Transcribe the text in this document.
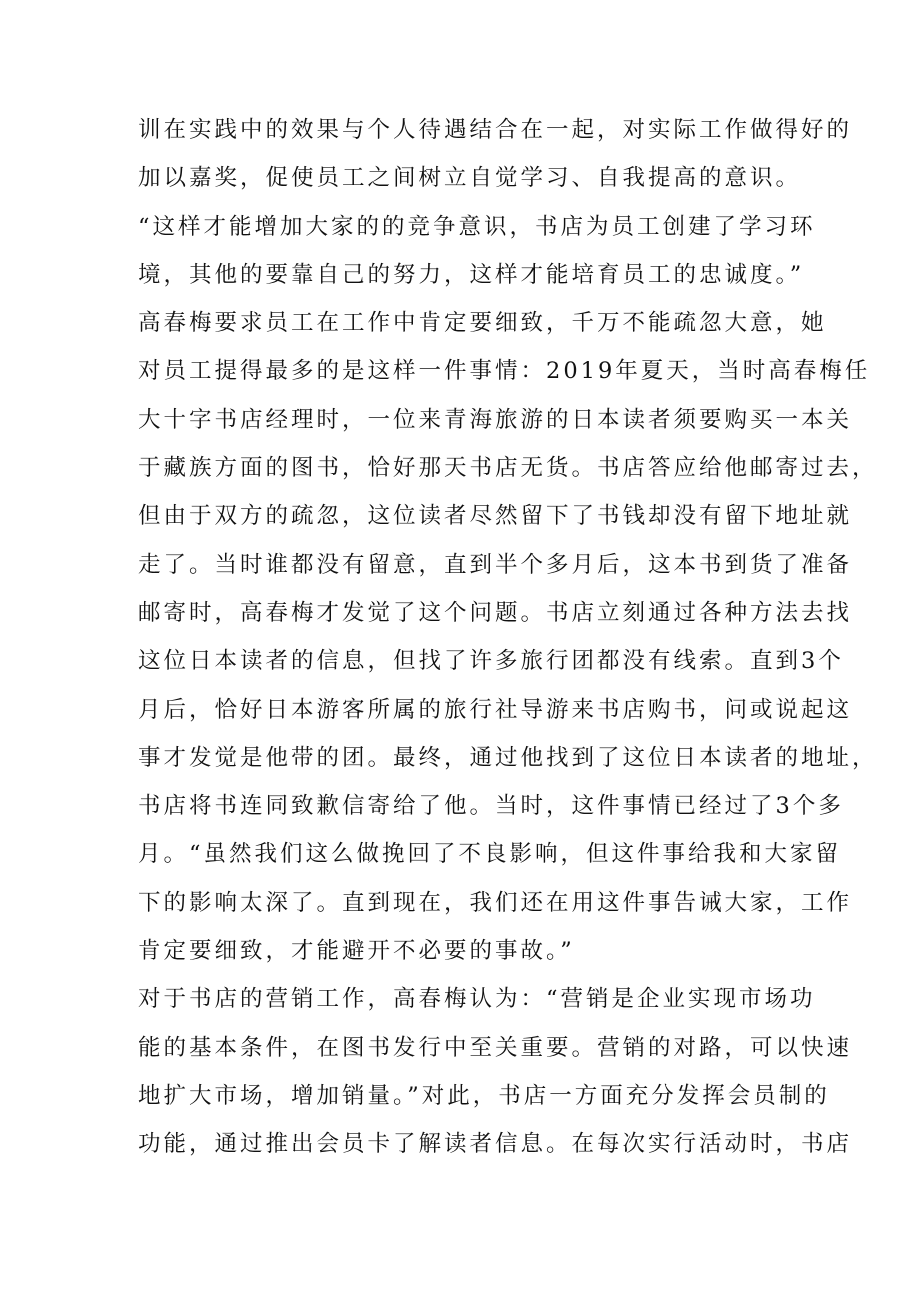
训在实践中的效果与个人待遇结合在一起，对实际工作做得好的
加以嘉奖，促使员工之间树立自觉学习、自我提高的意识。
“这样才能增加大家的的竞争意识，书店为员工创建了学习环
境，其他的要靠自己的努力，这样才能培育员工的忠诚度。”
高春梅要求员工在工作中肯定要细致，千万不能疏忽大意，她
对员工提得最多的是这样一件事情：2019年夏天，当时高春梅任
大十字书店经理时，一位来青海旅游的日本读者须要购买一本关
于藏族方面的图书，恰好那天书店无货。书店答应给他邮寄过去，
但由于双方的疏忽，这位读者尽然留下了书钱却没有留下地址就
走了。当时谁都没有留意，直到半个多月后，这本书到货了准备
邮寄时，高春梅才发觉了这个问题。书店立刻通过各种方法去找
这位日本读者的信息，但找了许多旅行团都没有线索。直到3个
月后，恰好日本游客所属的旅行社导游来书店购书，问或说起这
事才发觉是他带的团。最终，通过他找到了这位日本读者的地址，
书店将书连同致歉信寄给了他。当时，这件事情已经过了3个多
月。“虽然我们这么做挽回了不良影响，但这件事给我和大家留
下的影响太深了。直到现在，我们还在用这件事告诫大家，工作
肯定要细致，才能避开不必要的事故。”
对于书店的营销工作，高春梅认为：“营销是企业实现市场功
能的基本条件，在图书发行中至关重要。营销的对路，可以快速
地扩大市场，增加销量。”对此，书店一方面充分发挥会员制的
功能，通过推出会员卡了解读者信息。在每次实行活动时，书店
